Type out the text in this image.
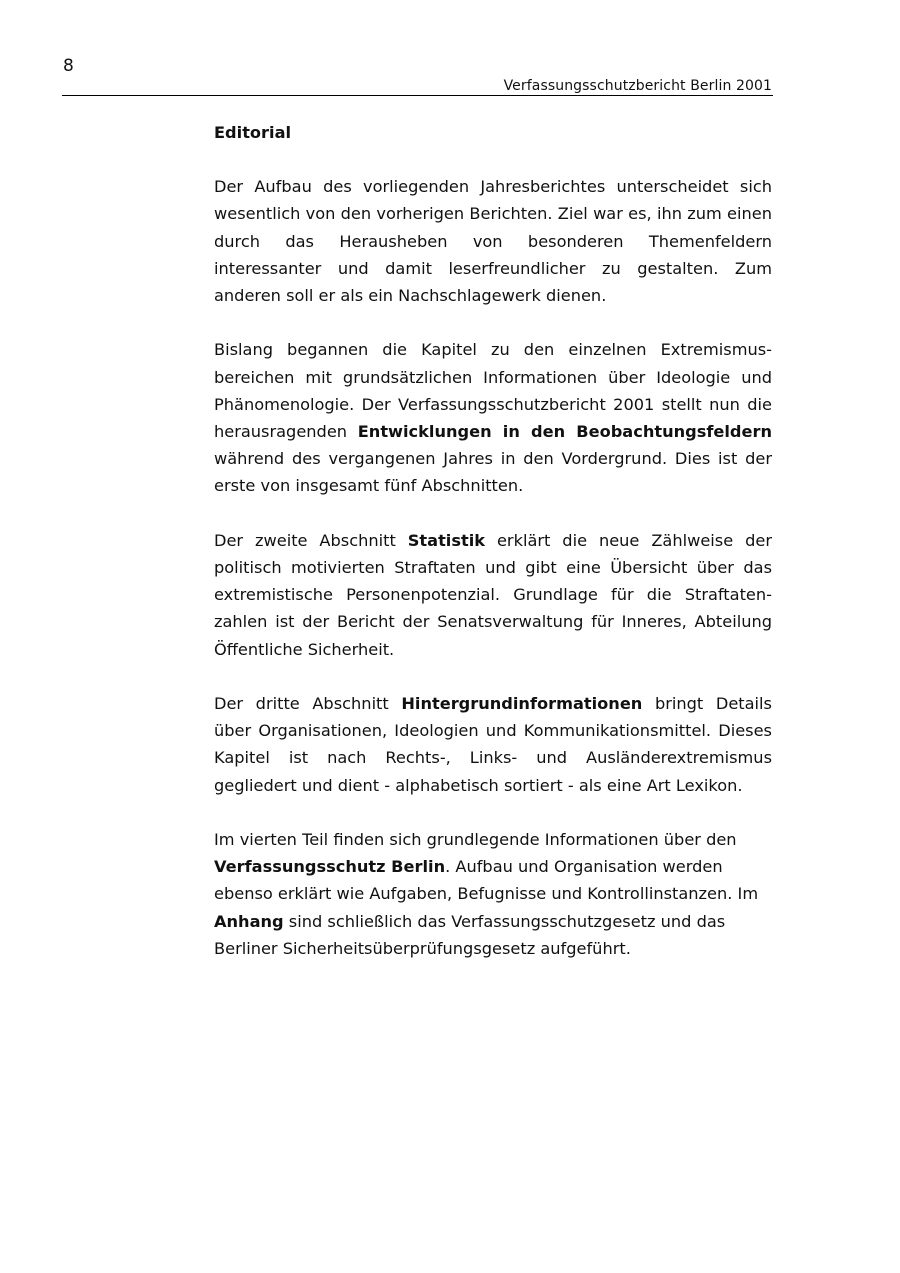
8
Verfassungsschutzbericht Berlin 2001
Editorial

Der Aufbau des vorliegenden Jahresberichtes unterscheidet sich wesentlich von den vorherigen Berichten. Ziel war es, ihn zum einen durch das Herausheben von besonderen Themenfeldern interessanter und damit leserfreundlicher zu gestalten. Zum anderen soll er als ein Nachschlagewerk dienen.

Bislang begannen die Kapitel zu den einzelnen Extremismusbereichen mit grundsätzlichen Informationen über Ideologie und Phänomenologie. Der Verfassungsschutzbericht 2001 stellt nun die herausragenden Entwicklungen in den Beobachtungsfeldern während des vergangenen Jahres in den Vordergrund. Dies ist der erste von insgesamt fünf Abschnitten.

Der zweite Abschnitt Statistik erklärt die neue Zählweise der politisch motivierten Straftaten und gibt eine Übersicht über das extremistische Personenpotenzial. Grundlage für die Straftatenzahlen ist der Bericht der Senatsverwaltung für Inneres, Abteilung Öffentliche Sicherheit.

Der dritte Abschnitt Hintergrundinformationen bringt Details über Organisationen, Ideologien und Kommunikationsmittel. Dieses Kapitel ist nach Rechts-, Links- und Ausländerextremismus gegliedert und dient - alphabetisch sortiert - als eine Art Lexikon.

Im vierten Teil finden sich grundlegende Informationen über den Verfassungsschutz Berlin. Aufbau und Organisation werden ebenso erklärt wie Aufgaben, Befugnisse und Kontrollinstanzen. Im Anhang sind schließlich das Verfassungsschutzgesetz und das Berliner Sicherheitsüberprüfungsgesetz aufgeführt.
